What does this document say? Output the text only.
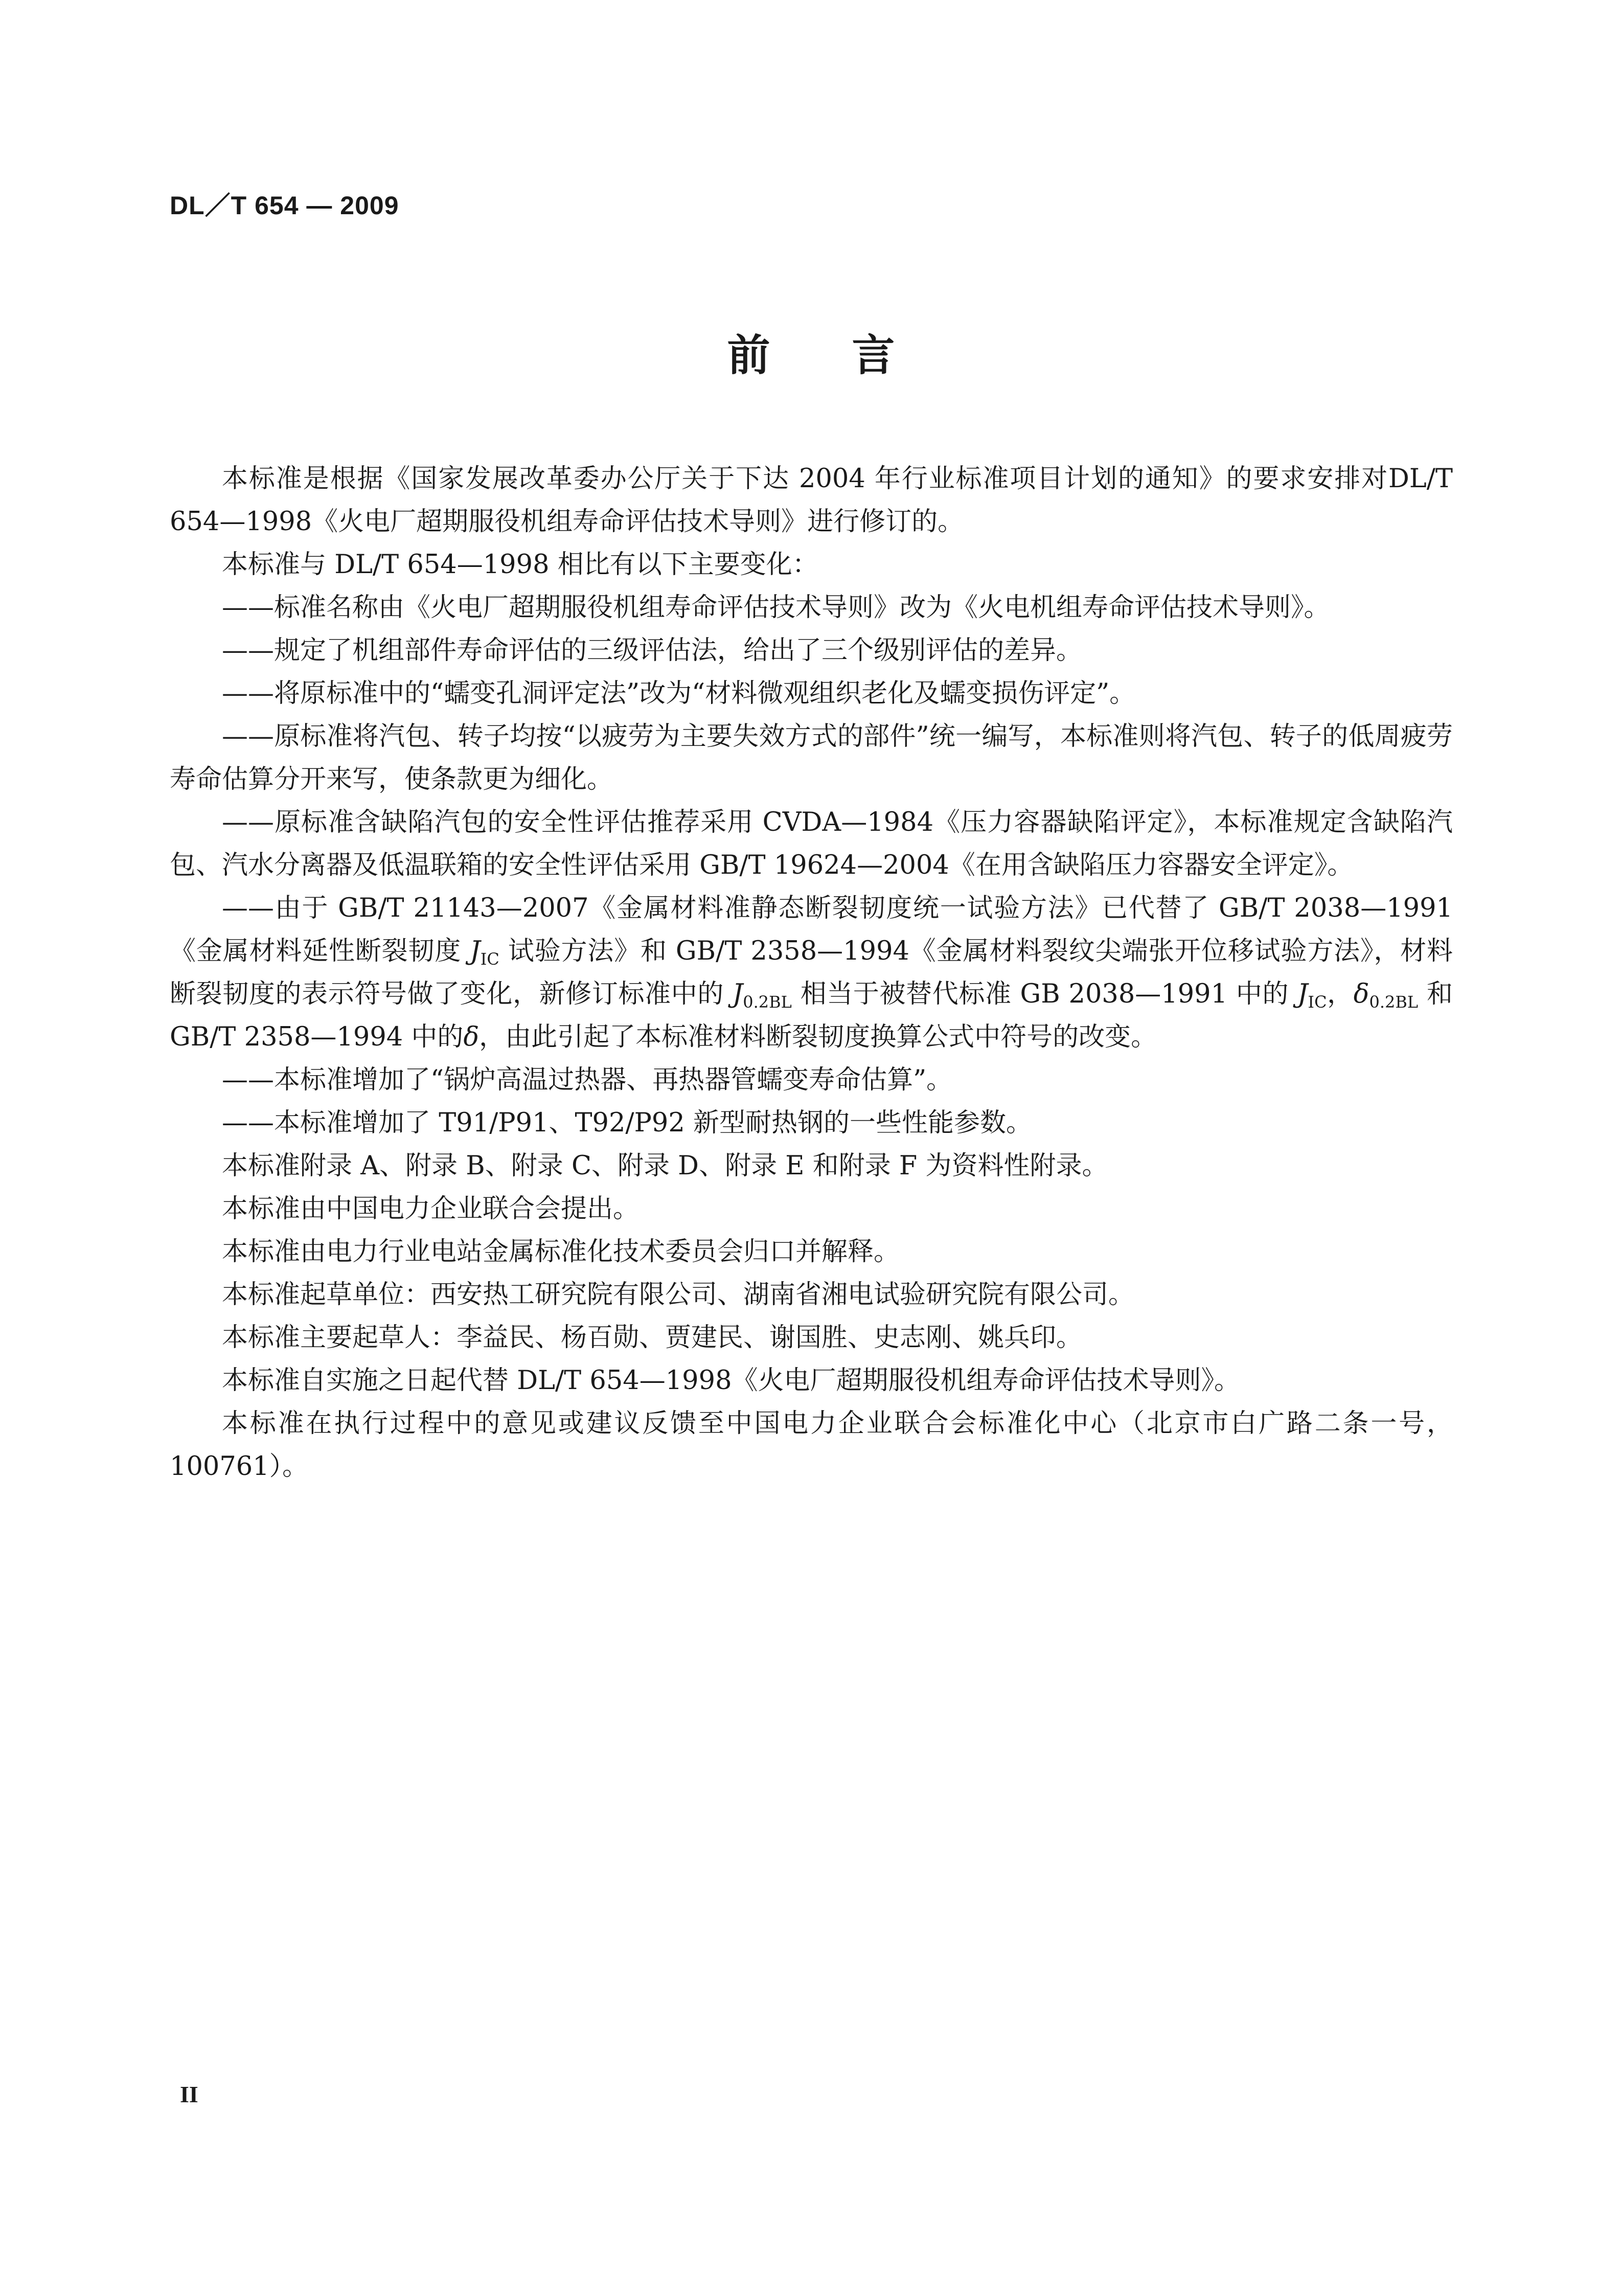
DL／T 654 — 2009
前言

本标准是根据《国家发展改革委办公厅关于下达 2004 年行业标准项目计划的通知》的要求安排对DL/T 654—1998《火电厂超期服役机组寿命评估技术导则》进行修订的。

本标准与 DL/T 654—1998 相比有以下主要变化：

——标准名称由《火电厂超期服役机组寿命评估技术导则》改为《火电机组寿命评估技术导则》。

——规定了机组部件寿命评估的三级评估法，给出了三个级别评估的差异。

——将原标准中的“蠕变孔洞评定法”改为“材料微观组织老化及蠕变损伤评定”。

——原标准将汽包、转子均按“以疲劳为主要失效方式的部件”统一编写，本标准则将汽包、转子的低周疲劳寿命估算分开来写，使条款更为细化。

——原标准含缺陷汽包的安全性评估推荐采用 CVDA—1984《压力容器缺陷评定》，本标准规定含缺陷汽包、汽水分离器及低温联箱的安全性评估采用 GB/T 19624—2004《在用含缺陷压力容器安全评定》。

——由于 GB/T 21143—2007《金属材料准静态断裂韧度统一试验方法》已代替了 GB/T 2038—1991《金属材料延性断裂韧度 $J_{IC}$ 试验方法》和 GB/T 2358—1994《金属材料裂纹尖端张开位移试验方法》，材料断裂韧度的表示符号做了变化，新修订标准中的 $J_{0.2BL}$ 相当于被替代标准 GB 2038—1991 中的 $J_{IC}$，$\delta_{0.2BL}$ 和 GB/T 2358—1994 中的δ，由此引起了本标准材料断裂韧度换算公式中符号的改变。

——本标准增加了“锅炉高温过热器、再热器管蠕变寿命估算”。

——本标准增加了 T91/P91、T92/P92 新型耐热钢的一些性能参数。

本标准附录 A、附录 B、附录 C、附录 D、附录 E 和附录 F 为资料性附录。

本标准由中国电力企业联合会提出。

本标准由电力行业电站金属标准化技术委员会归口并解释。

本标准起草单位：西安热工研究院有限公司、湖南省湘电试验研究院有限公司。

本标准主要起草人：李益民、杨百勋、贾建民、谢国胜、史志刚、姚兵印。

本标准自实施之日起代替 DL/T 654—1998《火电厂超期服役机组寿命评估技术导则》。

本标准在执行过程中的意见或建议反馈至中国电力企业联合会标准化中心（北京市白广路二条一号，100761）。

II
